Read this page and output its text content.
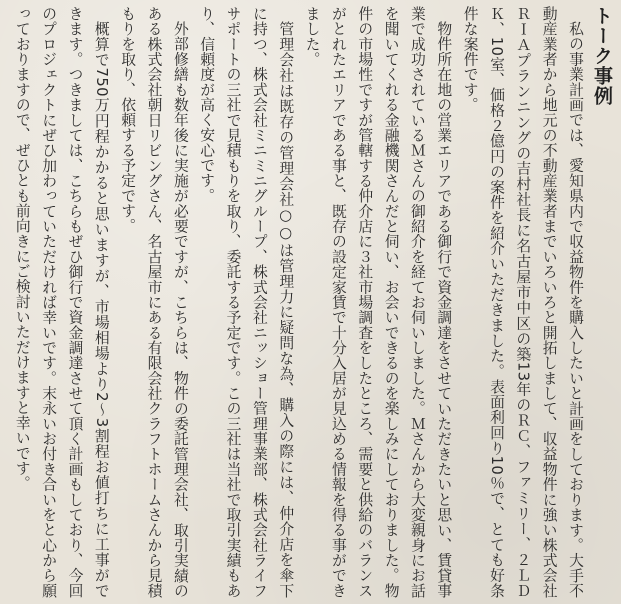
トーク事例

私の事業計画では、愛知県内で収益物件を購入したいと計画をしております。大手不動産業者から地元の不動産業者までいろいろと開拓しまして、収益物件に強い株式会社ＲＩＡプランニングの吉村社長に名古屋市中区の築13年のＲＣ、ファミリー、２ＬＤＫ、10室、価格２億円の案件を紹介いただきました。表面利回り10％で、とても好条件な案件です。

物件所在地の営業エリアである御行で資金調達をさせていただきたいと思い、賃貸事業で成功されているＭさんの御紹介を経てお伺いしました。Ｍさんから大変親身にお話を聞いてくれる金融機関さんだと伺い、お会いできるのを楽しみにしておりました。物件の市場性ですが管轄する仲介店に３社市場調査をしたところ、需要と供給のバランスがとれたエリアである事と、既存の設定家賃で十分入居が見込める情報を得る事ができました。

管理会社は既存の管理会社○○は管理力に疑問な為、購入の際には、仲介店を傘下に持つ、株式会社ミニミニグループ、株式会社ニッショー管理事業部、株式会社ライフサポートの三社で見積もりを取り、委託する予定です。この三社は当社で取引実績もあり、信頼度が高く安心です。

外部修繕も数年後に実施が必要ですが、こちらは、物件の委託管理会社、取引実績のある株式会社朝日リビングさん、名古屋市にある有限会社クラフトホームさんから見積もりを取り、依頼する予定です。

概算で750万円程かかると思いますが、市場相場より2〜3割程お値打ちに工事ができます。つきましては、こちらもぜひ御行で資金調達させて頂く計画もしており、今回のプロジェクトにぜひ加わっていただければ幸いです。末永いお付き合いをと心から願っておりますので、ぜひとも前向きにご検討いただけますと幸いです。
